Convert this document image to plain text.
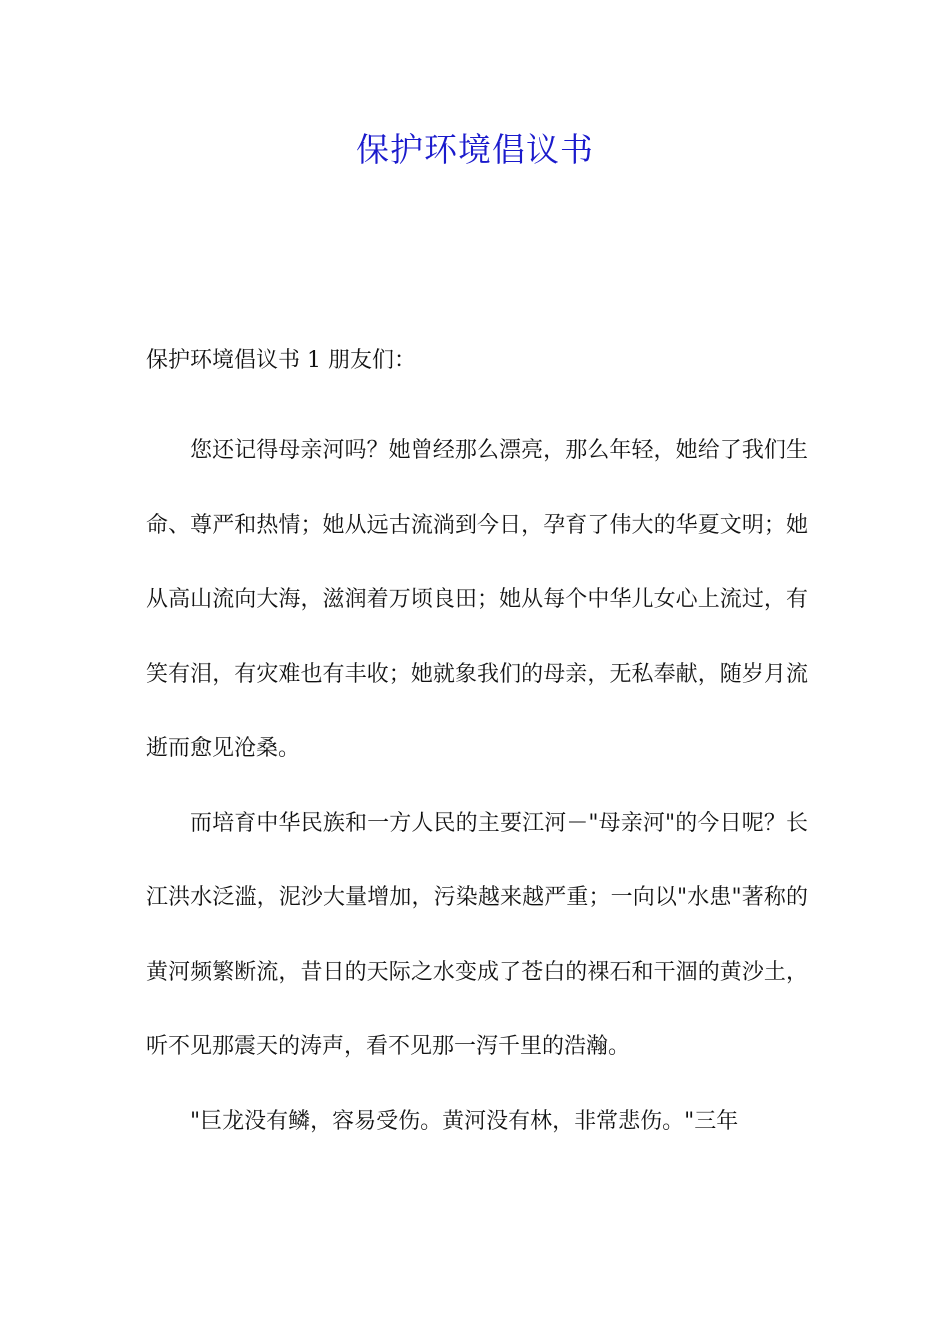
保护环境倡议书
保护环境倡议书 1 朋友们：

您还记得母亲河吗？她曾经那么漂亮，那么年轻，她给了我们生命、尊严和热情；她从远古流淌到今日，孕育了伟大的华夏文明；她从高山流向大海，滋润着万顷良田；她从每个中华儿女心上流过，有笑有泪，有灾难也有丰收；她就象我们的母亲，无私奉献，随岁月流逝而愈见沧桑。

而培育中华民族和一方人民的主要江河－"母亲河"的今日呢？长江洪水泛滥，泥沙大量增加，污染越来越严重；一向以"水患"著称的黄河频繁断流，昔日的天际之水变成了苍白的裸石和干涸的黄沙土，听不见那震天的涛声，看不见那一泻千里的浩瀚。

"巨龙没有鳞，容易受伤。黄河没有林，非常悲伤。"三年
